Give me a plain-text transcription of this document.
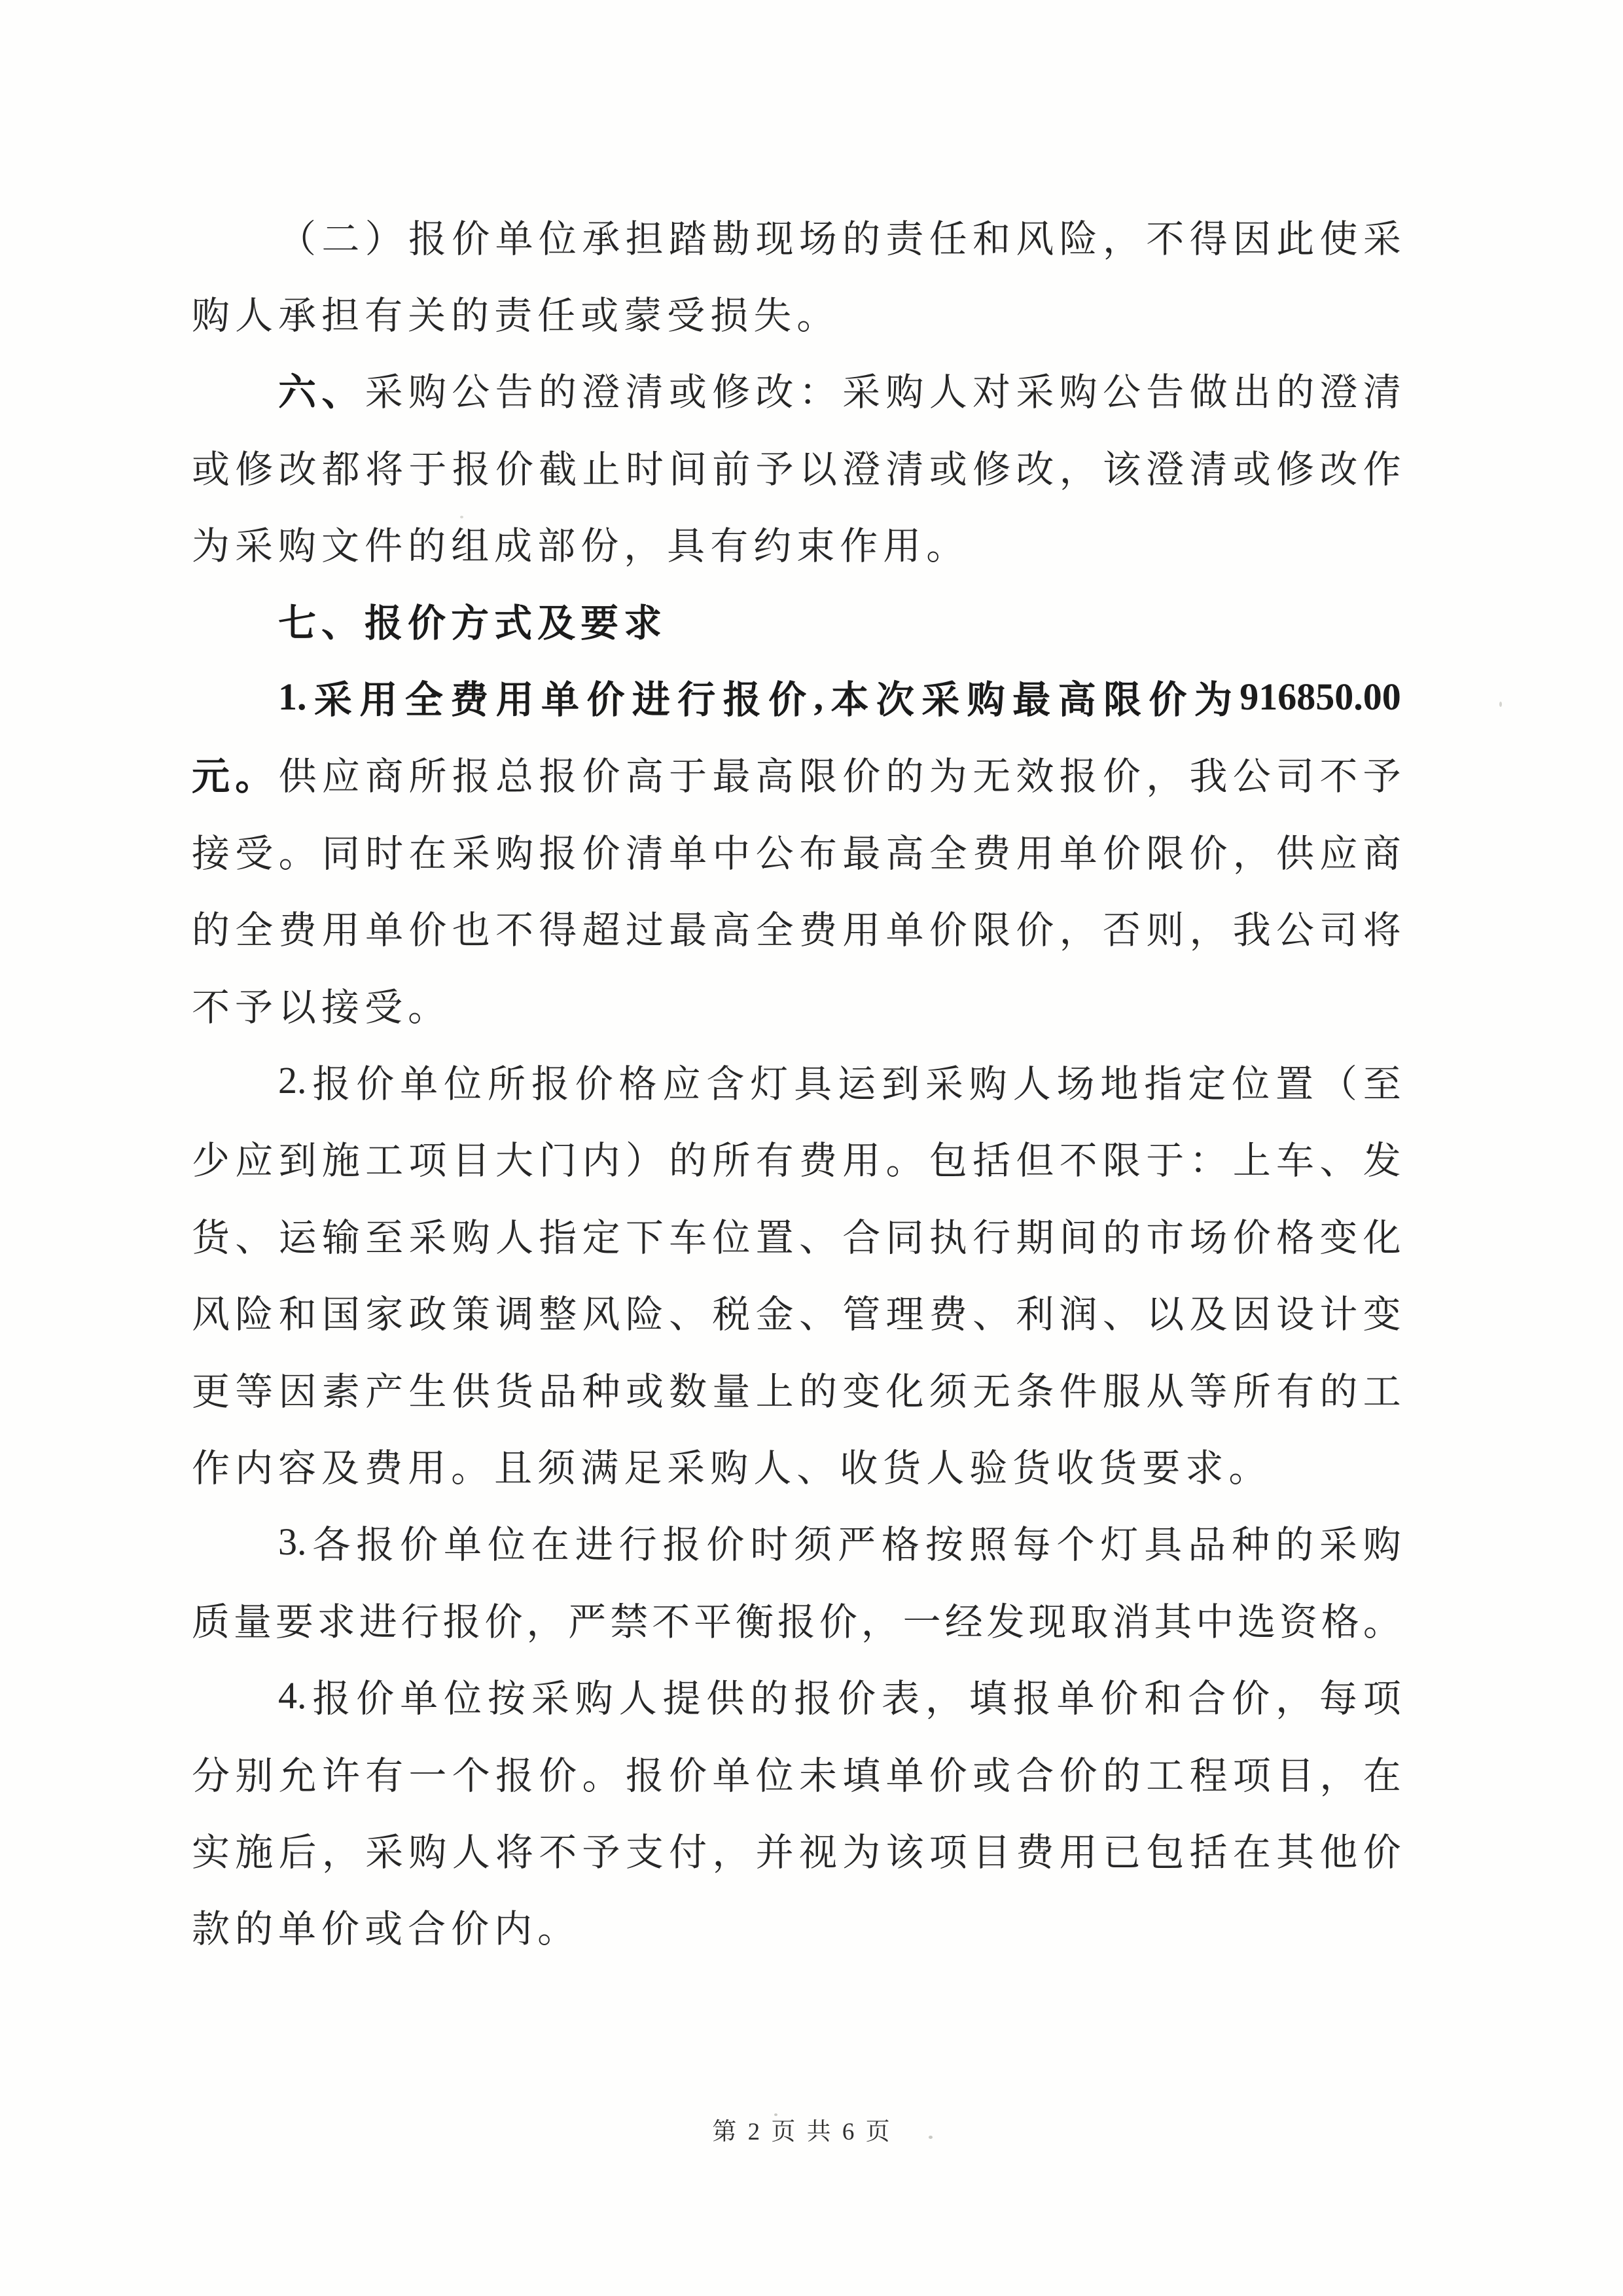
（ 二 ） 报 价 单 位 承 担 踏 勘 现 场 的 责 任 和 风 险 ， 不 得 因 此 使 采
购 人 承 担 有 关 的 责 任 或 蒙 受 损 失 。
六 、 采 购 公 告 的 澄 清 或 修 改 ： 采 购 人 对 采 购 公 告 做 出 的 澄 清
或 修 改 都 将 于 报 价 截 止 时 间 前 予 以 澄 清 或 修 改 ， 该 澄 清 或 修 改 作
为 采 购 文 件 的 组 成 部 份 ， 具 有 约 束 作 用 。
七 、 报 价 方 式 及 要 求
1. 采 用 全 费 用 单 价 进 行 报 价 , 本 次 采 购 最 高 限 价 为 916850.00
元 。 供 应 商 所 报 总 报 价 高 于 最 高 限 价 的 为 无 效 报 价 ， 我 公 司 不 予
接 受 。 同 时 在 采 购 报 价 清 单 中 公 布 最 高 全 费 用 单 价 限 价 ， 供 应 商
的 全 费 用 单 价 也 不 得 超 过 最 高 全 费 用 单 价 限 价 ， 否 则 ， 我 公 司 将
不 予 以 接 受 。
2. 报 价 单 位 所 报 价 格 应 含 灯 具 运 到 采 购 人 场 地 指 定 位 置 （ 至
少 应 到 施 工 项 目 大 门 内 ） 的 所 有 费 用 。 包 括 但 不 限 于 ： 上 车 、 发
货 、 运 输 至 采 购 人 指 定 下 车 位 置 、 合 同 执 行 期 间 的 市 场 价 格 变 化
风 险 和 国 家 政 策 调 整 风 险 、 税 金 、 管 理 费 、 利 润 、 以 及 因 设 计 变
更 等 因 素 产 生 供 货 品 种 或 数 量 上 的 变 化 须 无 条 件 服 从 等 所 有 的 工
作 内 容 及 费 用 。 且 须 满 足 采 购 人 、 收 货 人 验 货 收 货 要 求 。
3. 各 报 价 单 位 在 进 行 报 价 时 须 严 格 按 照 每 个 灯 具 品 种 的 采 购
质 量 要 求 进 行 报 价 ， 严 禁 不 平 衡 报 价 ， 一 经 发 现 取 消 其 中 选 资 格 。
4. 报 价 单 位 按 采 购 人 提 供 的 报 价 表 ， 填 报 单 价 和 合 价 ， 每 项
分 别 允 许 有 一 个 报 价 。 报 价 单 位 未 填 单 价 或 合 价 的 工 程 项 目 ， 在
实 施 后 ， 采 购 人 将 不 予 支 付 ， 并 视 为 该 项 目 费 用 已 包 括 在 其 他 价
款 的 单 价 或 合 价 内 。
第 2 页 共 6 页
